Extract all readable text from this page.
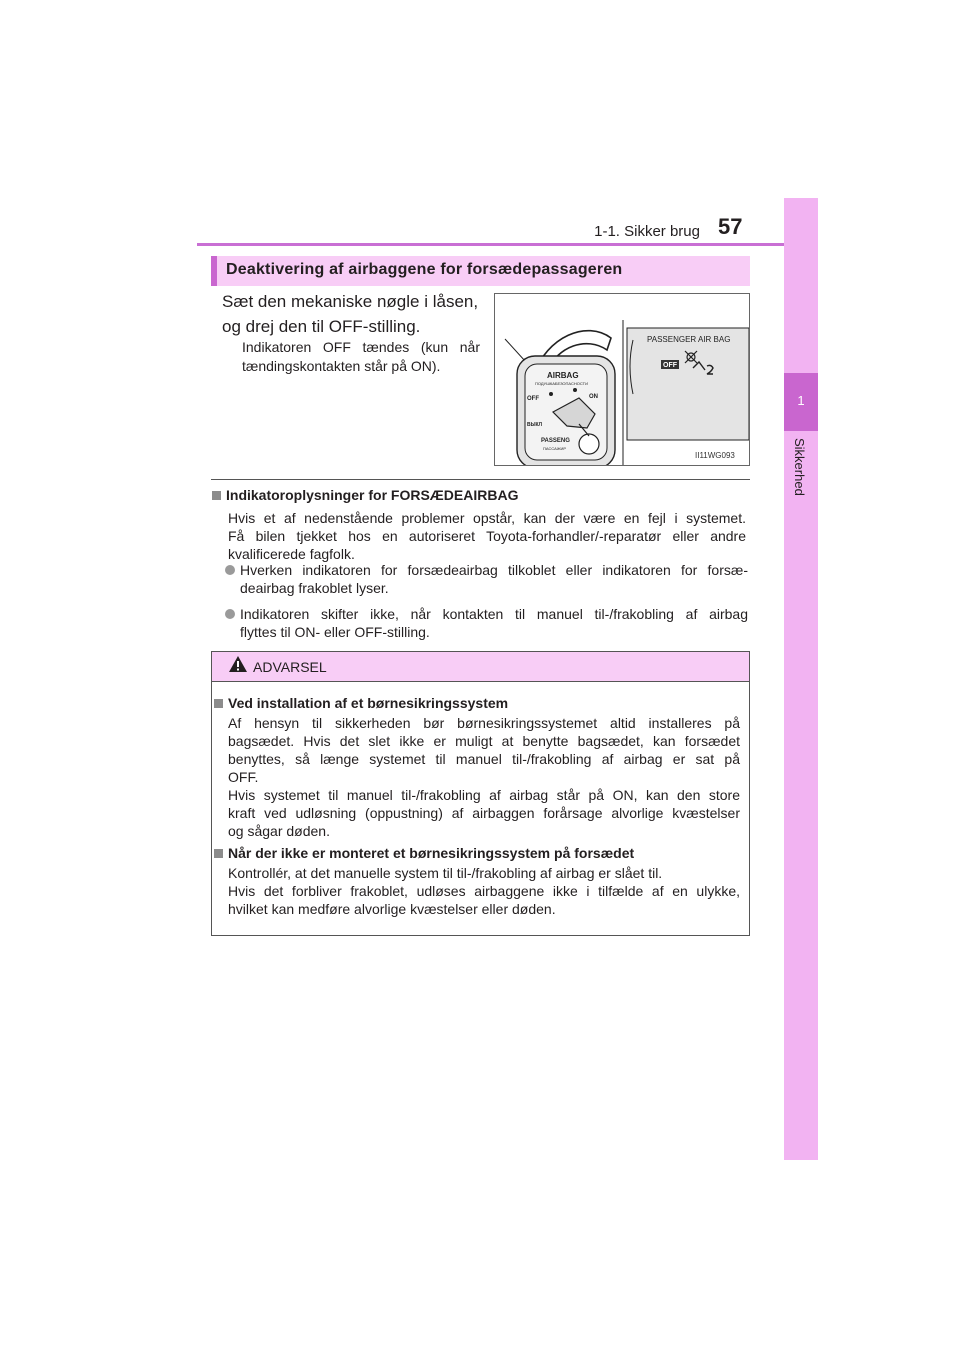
1-1. Sikker brug 57
1
Sikkerhed
Deaktivering af airbaggene for forsædepassageren
Sæt den mekaniske nøgle i låsen, og drej den til OFF-stilling.
Indikatoren OFF tændes (kun når tændingskontakten står på ON).
AIRBAG
ПОДУШКАБЕЗОПАСНОСТИ
OFF	ON
ВЫКЛ
PASSENG
ПАССАЖИР
PASSENGER AIR BAG
OFF
II11WG093
Indikatoroplysninger for FORSÆDEAIRBAG
Hvis et af nedenstående problemer opstår, kan der være en fejl i systemet.
Få bilen tjekket hos en autoriseret Toyota-forhandler/-reparatør eller andre
kvalificerede fagfolk.
Hverken indikatoren for forsædeairbag tilkoblet eller indikatoren for forsæ-
deairbag frakoblet lyser.
Indikatoren skifter ikke, når kontakten til manuel til-/frakobling af airbag
flyttes til ON- eller OFF-stilling.
ADVARSEL
Ved installation af et børnesikringssystem
Af hensyn til sikkerheden bør børnesikringssystemet altid installeres på
bagsædet. Hvis det slet ikke er muligt at benytte bagsædet, kan forsædet
benyttes, så længe systemet til manuel til-/frakobling af airbag er sat på
OFF.
Hvis systemet til manuel til-/frakobling af airbag står på ON, kan den store
kraft ved udløsning (oppustning) af airbaggen forårsage alvorlige kvæstelser
og sågar døden.
Når der ikke er monteret et børnesikringssystem på forsædet
Kontrollér, at det manuelle system til til-/frakobling af airbag er slået til.
Hvis det forbliver frakoblet, udløses airbaggene ikke i tilfælde af en ulykke,
hvilket kan medføre alvorlige kvæstelser eller døden.
